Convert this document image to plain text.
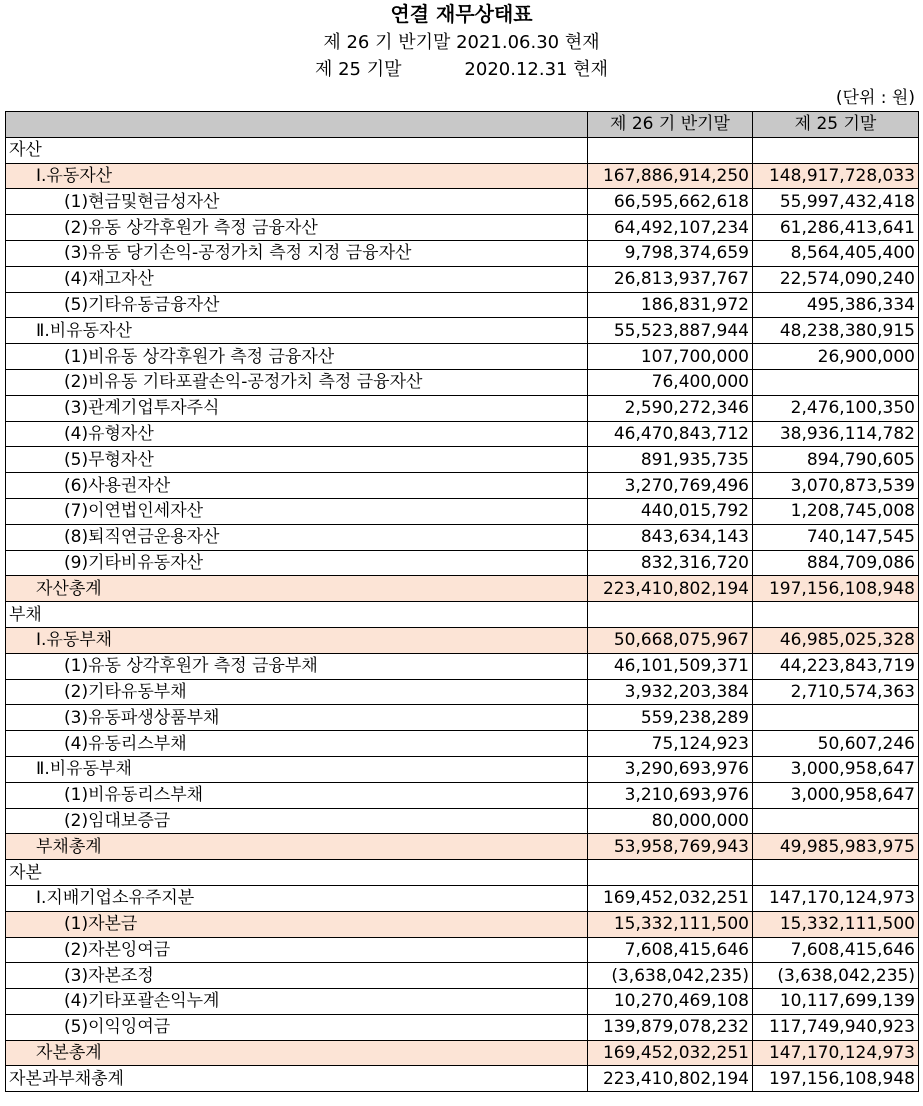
연결 재무상태표
제 26 기 반기말 2021.06.30 현재
제 25 기말           2020.12.31 현재
(단위 : 원)
	제 26 기 반기말	제 25 기말
자산		
Ⅰ.유동자산	167,886,914,250	148,917,728,033
(1)현금및현금성자산	66,595,662,618	55,997,432,418
(2)유동 상각후원가 측정 금융자산	64,492,107,234	61,286,413,641
(3)유동 당기손익-공정가치 측정 지정 금융자산	9,798,374,659	8,564,405,400
(4)재고자산	26,813,937,767	22,574,090,240
(5)기타유동금융자산	186,831,972	495,386,334
Ⅱ.비유동자산	55,523,887,944	48,238,380,915
(1)비유동 상각후원가 측정 금융자산	107,700,000	26,900,000
(2)비유동 기타포괄손익-공정가치 측정 금융자산	76,400,000	
(3)관계기업투자주식	2,590,272,346	2,476,100,350
(4)유형자산	46,470,843,712	38,936,114,782
(5)무형자산	891,935,735	894,790,605
(6)사용권자산	3,270,769,496	3,070,873,539
(7)이연법인세자산	440,015,792	1,208,745,008
(8)퇴직연금운용자산	843,634,143	740,147,545
(9)기타비유동자산	832,316,720	884,709,086
자산총계	223,410,802,194	197,156,108,948
부채		
Ⅰ.유동부채	50,668,075,967	46,985,025,328
(1)유동 상각후원가 측정 금융부채	46,101,509,371	44,223,843,719
(2)기타유동부채	3,932,203,384	2,710,574,363
(3)유동파생상품부채	559,238,289	
(4)유동리스부채	75,124,923	50,607,246
Ⅱ.비유동부채	3,290,693,976	3,000,958,647
(1)비유동리스부채	3,210,693,976	3,000,958,647
(2)임대보증금	80,000,000	
부채총계	53,958,769,943	49,985,983,975
자본		
Ⅰ.지배기업소유주지분	169,452,032,251	147,170,124,973
(1)자본금	15,332,111,500	15,332,111,500
(2)자본잉여금	7,608,415,646	7,608,415,646
(3)자본조정	(3,638,042,235)	(3,638,042,235)
(4)기타포괄손익누계	10,270,469,108	10,117,699,139
(5)이익잉여금	139,879,078,232	117,749,940,923
자본총계	169,452,032,251	147,170,124,973
자본과부채총계	223,410,802,194	197,156,108,948
